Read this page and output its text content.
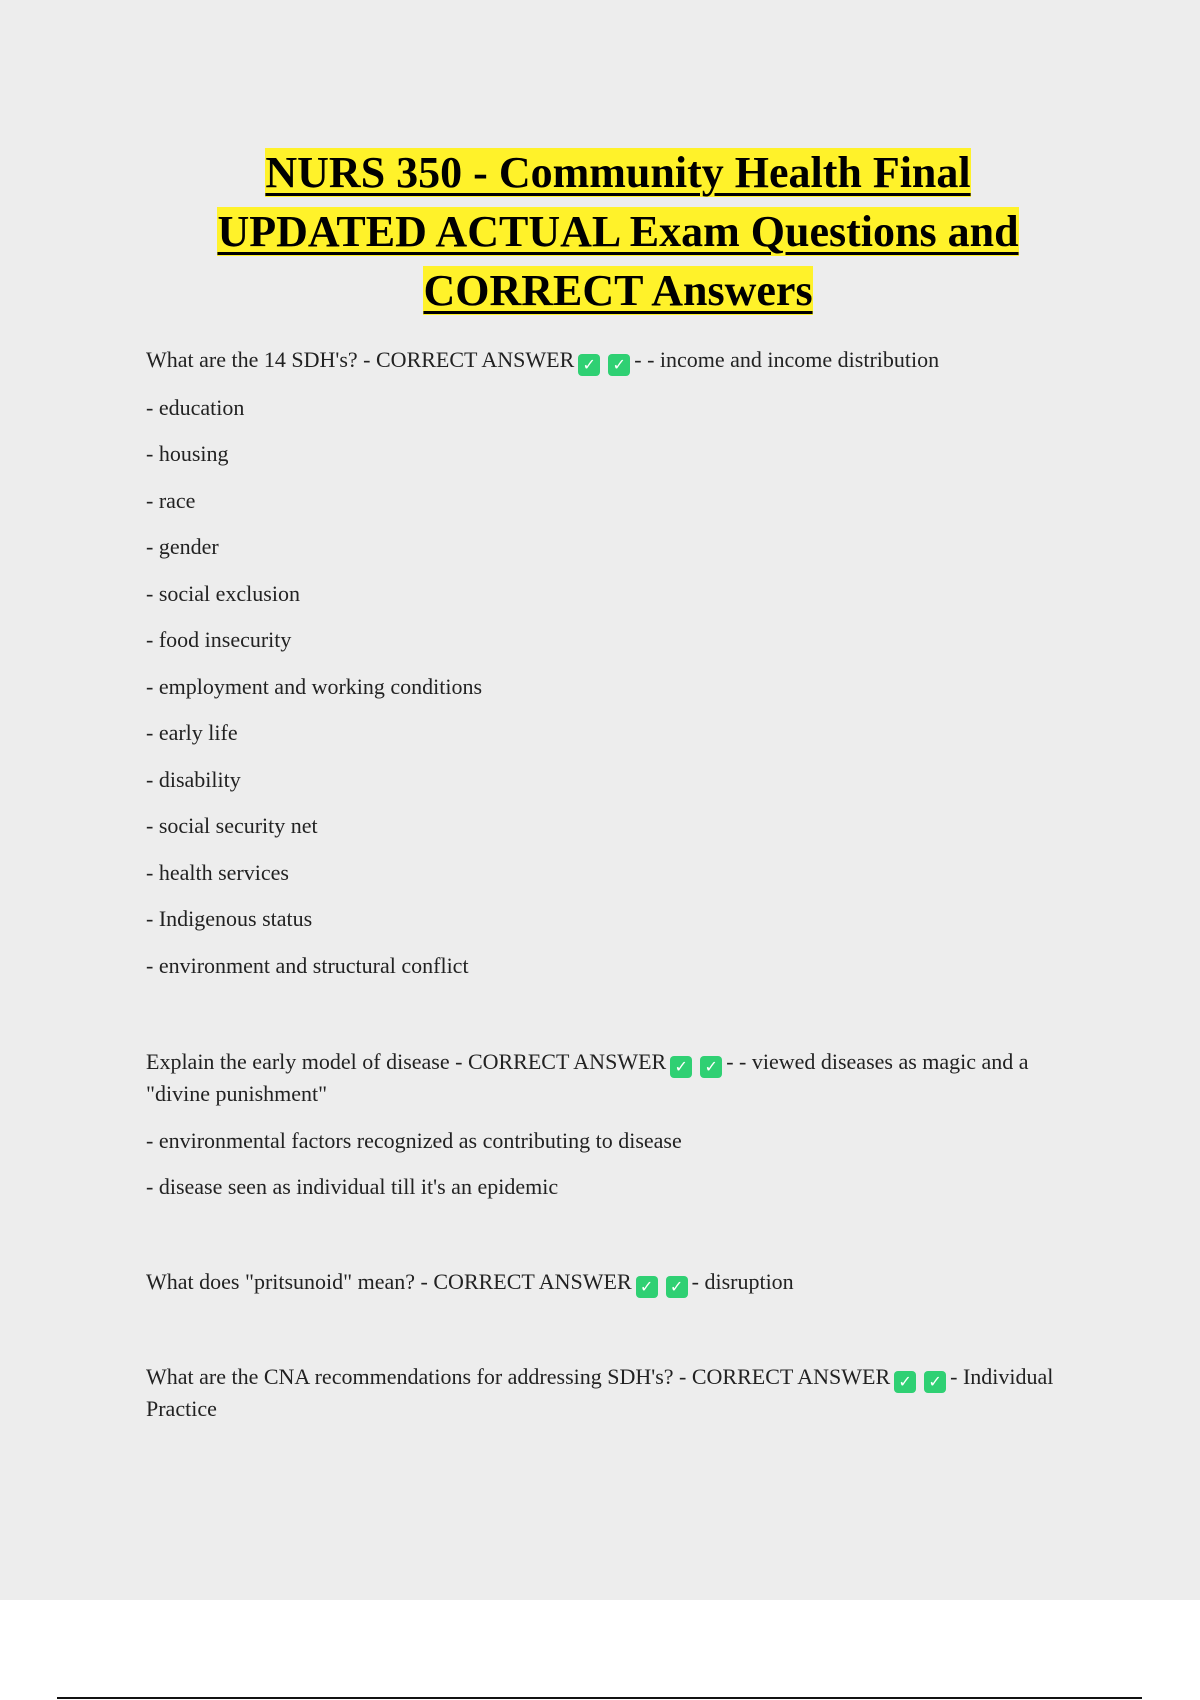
NURS 350 - Community Health Final
UPDATED ACTUAL Exam Questions and
CORRECT Answers

What are the 14 SDH's? - CORRECT ANSWER ✓ ✓ - - income and income distribution

- education

- housing

- race

- gender

- social exclusion

- food insecurity

- employment and working conditions

- early life

- disability

- social security net

- health services

- Indigenous status

- environment and structural conflict

Explain the early model of disease - CORRECT ANSWER ✓ ✓ - - viewed diseases as magic and a "divine punishment"

- environmental factors recognized as contributing to disease

- disease seen as individual till it's an epidemic

What does "pritsunoid" mean? - CORRECT ANSWER ✓ ✓ - disruption

What are the CNA recommendations for addressing SDH's? - CORRECT ANSWER ✓ ✓ - Individual Practice
